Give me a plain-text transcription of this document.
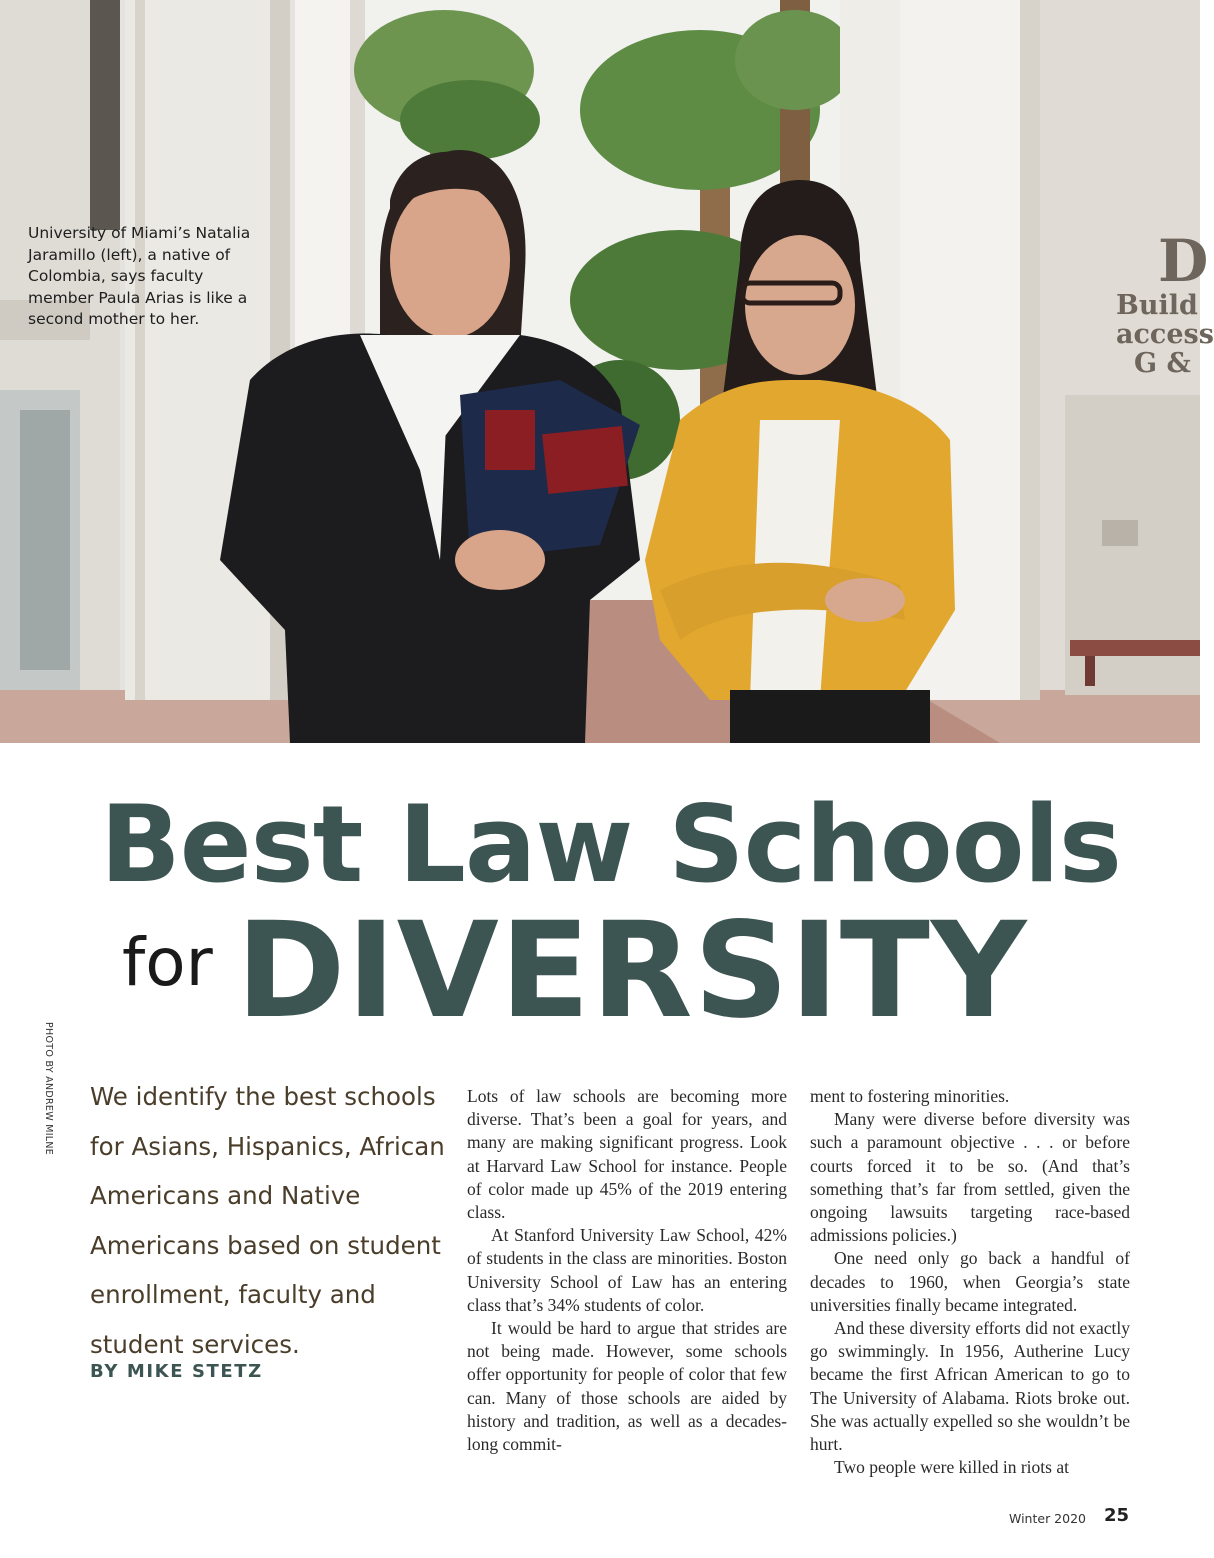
University of Miami’s Natalia Jaramillo (left), a native of Colombia, says faculty member Paula Arias is like a second mother to her.

D
Build
access
G &
Best Law Schools

for DIVERSITY

We identify the best schools for Asians, Hispanics, African Americans and Native Americans based on student enrollment, faculty and student services.

BY MIKE STETZ

PHOTO BY ANDREW MILNE	Lots of law schools are becoming more diverse. That’s been a goal for years, and many are making significant progress. Look at Harvard Law School for instance. People of color made up 45% of the 2019 entering class.

At Stanford University Law School, 42% of students in the class are minorities. Boston University School of Law has an entering class that’s 34% students of color.

It would be hard to argue that strides are not being made. However, some schools offer opportunity for people of color that few can. Many of those schools are aided by history and tradition, as well as a decades-long commit-

ment to fostering minorities.

Many were diverse before diversity was such a paramount objective . . . or before courts forced it to be so. (And that’s something that’s far from settled, given the ongoing lawsuits targeting race-based admissions policies.)

One need only go back a handful of decades to 1960, when Georgia’s state universities finally became integrated.

And these diversity efforts did not exactly go swimmingly. In 1956, Autherine Lucy became the first African American to go to The University of Alabama. Riots broke out. She was actually expelled so she wouldn’t be hurt.

Two people were killed in riots at

Winter 2020 25
